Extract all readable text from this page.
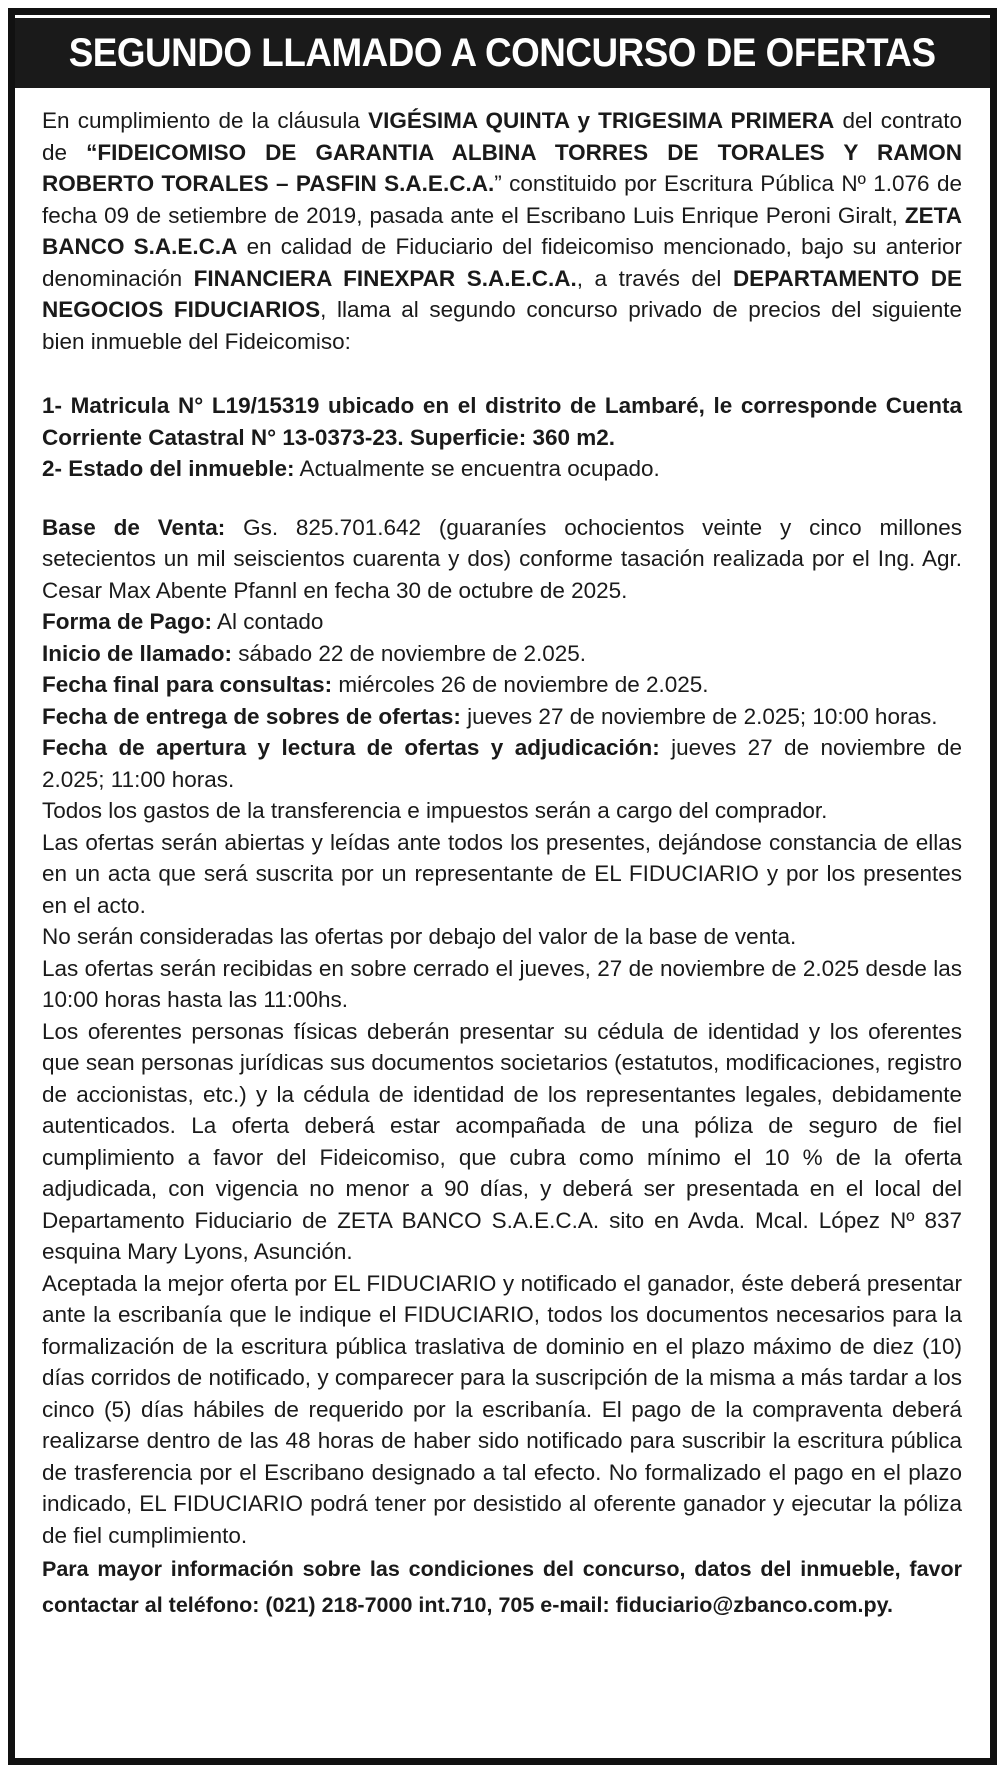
SEGUNDO LLAMADO A CONCURSO DE OFERTAS

En cumplimiento de la cláusula VIGÉSIMA QUINTA y TRIGESIMA PRIMERA del contrato de “FIDEICOMISO DE GARANTIA ALBINA TORRES DE TORALES Y RAMON ROBERTO TORALES – PASFIN S.A.E.C.A.” constituido por Escritura Pública Nº 1.076 de fecha 09 de setiembre de 2019, pasada ante el Escribano Luis Enrique Peroni Giralt, ZETA BANCO S.A.E.C.A en calidad de Fiduciario del fideicomiso mencionado, bajo su anterior denominación FINANCIERA FINEXPAR S.A.E.C.A., a través del DEPARTAMENTO DE NEGOCIOS FIDUCIARIOS, llama al segundo concurso privado de precios del siguiente bien inmueble del Fideicomiso:

1- Matricula N° L19/15319 ubicado en el distrito de Lambaré, le corresponde Cuenta Corriente Catastral N° 13-0373-23. Superficie: 360 m2.

2- Estado del inmueble: Actualmente se encuentra ocupado.

Base de Venta: Gs. 825.701.642 (guaraníes ochocientos veinte y cinco millones setecientos un mil seiscientos cuarenta y dos) conforme tasación realizada por el Ing. Agr. Cesar Max Abente Pfannl en fecha 30 de octubre de 2025.

Forma de Pago: Al contado

Inicio de llamado: sábado 22 de noviembre de 2.025.

Fecha final para consultas: miércoles 26 de noviembre de 2.025.

Fecha de entrega de sobres de ofertas: jueves 27 de noviembre de 2.025; 10:00 horas.

Fecha de apertura y lectura de ofertas y adjudicación: jueves 27 de noviembre de 2.025; 11:00 horas.

Todos los gastos de la transferencia e impuestos serán a cargo del comprador.

Las ofertas serán abiertas y leídas ante todos los presentes, dejándose constancia de ellas en un acta que será suscrita por un representante de EL FIDUCIARIO y por los presentes en el acto.

No serán consideradas las ofertas por debajo del valor de la base de venta.

Las ofertas serán recibidas en sobre cerrado el jueves, 27 de noviembre de 2.025 desde las 10:00 horas hasta las 11:00hs.

Los oferentes personas físicas deberán presentar su cédula de identidad y los oferentes que sean personas jurídicas sus documentos societarios (estatutos, modificaciones, registro de accionistas, etc.) y la cédula de identidad de los representantes legales, debidamente autenticados. La oferta deberá estar acompañada de una póliza de seguro de fiel cumplimiento a favor del Fideicomiso, que cubra como mínimo el 10 % de la oferta adjudicada, con vigencia no menor a 90 días, y deberá ser presentada en el local del Departamento Fiduciario de ZETA BANCO S.A.E.C.A. sito en Avda. Mcal. López Nº 837 esquina Mary Lyons, Asunción.

Aceptada la mejor oferta por EL FIDUCIARIO y notificado el ganador, éste deberá presentar ante la escribanía que le indique el FIDUCIARIO, todos los documentos necesarios para la formalización de la escritura pública traslativa de dominio en el plazo máximo de diez (10) días corridos de notificado, y comparecer para la suscripción de la misma a más tardar a los cinco (5) días hábiles de requerido por la escribanía. El pago de la compraventa deberá realizarse dentro de las 48 horas de haber sido notificado para suscribir la escritura pública de trasferencia por el Escribano designado a tal efecto. No formalizado el pago en el plazo indicado, EL FIDUCIARIO podrá tener por desistido al oferente ganador y ejecutar la póliza de fiel cumplimiento.

Para mayor información sobre las condiciones del concurso, datos del inmueble, favor contactar al teléfono: (021) 218-7000 int.710, 705 e-mail: fiduciario@zbanco.com.py.
